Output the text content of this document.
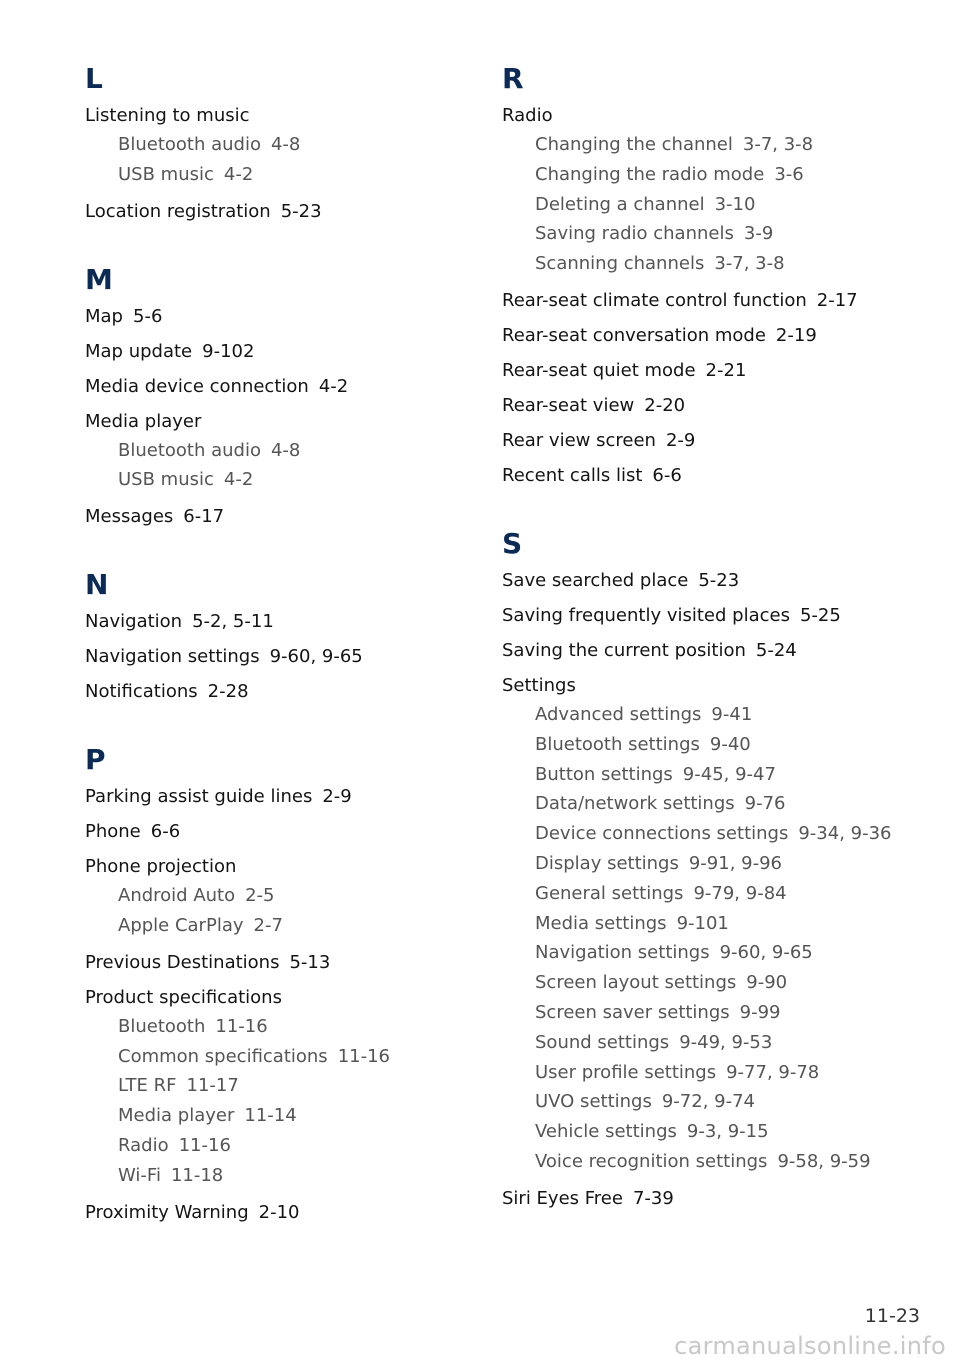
L
Listening to music
Bluetooth audio 4-8
USB music 4-2
Location registration 5-23
M
Map 5-6
Map update 9-102
Media device connection 4-2
Media player
Bluetooth audio 4-8
USB music 4-2
Messages 6-17
N
Navigation 5-2, 5-11
Navigation settings 9-60, 9-65
Notifications 2-28
P
Parking assist guide lines 2-9
Phone 6-6
Phone projection
Android Auto 2-5
Apple CarPlay 2-7
Previous Destinations 5-13
Product specifications
Bluetooth 11-16
Common specifications 11-16
LTE RF 11-17
Media player 11-14
Radio 11-16
Wi-Fi 11-18
Proximity Warning 2-10
R
Radio
Changing the channel 3-7, 3-8
Changing the radio mode 3-6
Deleting a channel 3-10
Saving radio channels 3-9
Scanning channels 3-7, 3-8
Rear-seat climate control function 2-17
Rear-seat conversation mode 2-19
Rear-seat quiet mode 2-21
Rear-seat view 2-20
Rear view screen 2-9
Recent calls list 6-6
S
Save searched place 5-23
Saving frequently visited places 5-25
Saving the current position 5-24
Settings
Advanced settings 9-41
Bluetooth settings 9-40
Button settings 9-45, 9-47
Data/network settings 9-76
Device connections settings 9-34, 9-36
Display settings 9-91, 9-96
General settings 9-79, 9-84
Media settings 9-101
Navigation settings 9-60, 9-65
Screen layout settings 9-90
Screen saver settings 9-99
Sound settings 9-49, 9-53
User profile settings 9-77, 9-78
UVO settings 9-72, 9-74
Vehicle settings 9-3, 9-15
Voice recognition settings 9-58, 9-59
Siri Eyes Free 7-39
11-23
carmanualsonline.info
